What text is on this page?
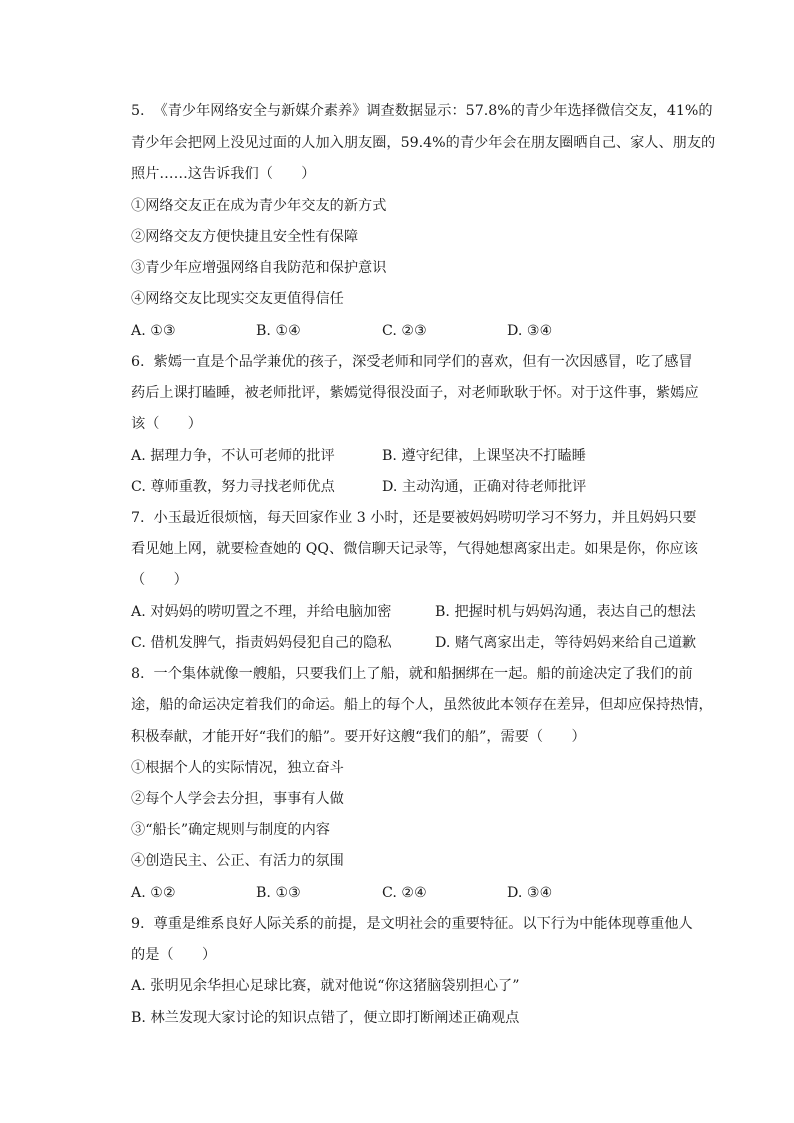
5.  《青少年网络安全与新媒介素养》调查数据显示：57.8%的青少年选择微信交友，41%的
青少年会把网上没见过面的人加入朋友圈，59.4%的青少年会在朋友圈晒自己、家人、朋友的
照片……这告诉我们（　　）
①网络交友正在成为青少年交友的新方式
②网络交友方便快捷且安全性有保障
③青少年应增强网络自我防范和保护意识
④网络交友比现实交友更值得信任
A. ①③	B. ①④	C. ②③	D. ③④
6.  紫嫣一直是个品学兼优的孩子，深受老师和同学们的喜欢，但有一次因感冒，吃了感冒
药后上课打瞌睡，被老师批评，紫嫣觉得很没面子，对老师耿耿于怀。对于这件事，紫嫣应
该（　　）
A. 据理力争，不认可老师的批评	B. 遵守纪律，上课坚决不打瞌睡
C. 尊师重教，努力寻找老师优点	D. 主动沟通，正确对待老师批评
7.  小玉最近很烦恼，每天回家作业 3 小时，还是要被妈妈唠叨学习不努力，并且妈妈只要
看见她上网，就要检查她的 QQ、微信聊天记录等，气得她想离家出走。如果是你，你应该
（　　）
A. 对妈妈的唠叨置之不理，并给电脑加密	B. 把握时机与妈妈沟通，表达自己的想法
C. 借机发脾气，指责妈妈侵犯自己的隐私	D. 赌气离家出走，等待妈妈来给自己道歉
8.  一个集体就像一艘船，只要我们上了船，就和船捆绑在一起。船的前途决定了我们的前
途，船的命运决定着我们的命运。船上的每个人，虽然彼此本领存在差异，但却应保持热情，
积极奉献，才能开好“我们的船”。要开好这艘“我们的船”，需要（　　）
①根据个人的实际情况，独立奋斗
②每个人学会去分担，事事有人做
③“船长”确定规则与制度的内容
④创造民主、公正、有活力的氛围
A. ①②	B. ①③	C. ②④	D. ③④
9.  尊重是维系良好人际关系的前提，是文明社会的重要特征。以下行为中能体现尊重他人
的是（　　）
A. 张明见余华担心足球比赛，就对他说“你这猪脑袋别担心了”
B. 林兰发现大家讨论的知识点错了，便立即打断阐述正确观点
